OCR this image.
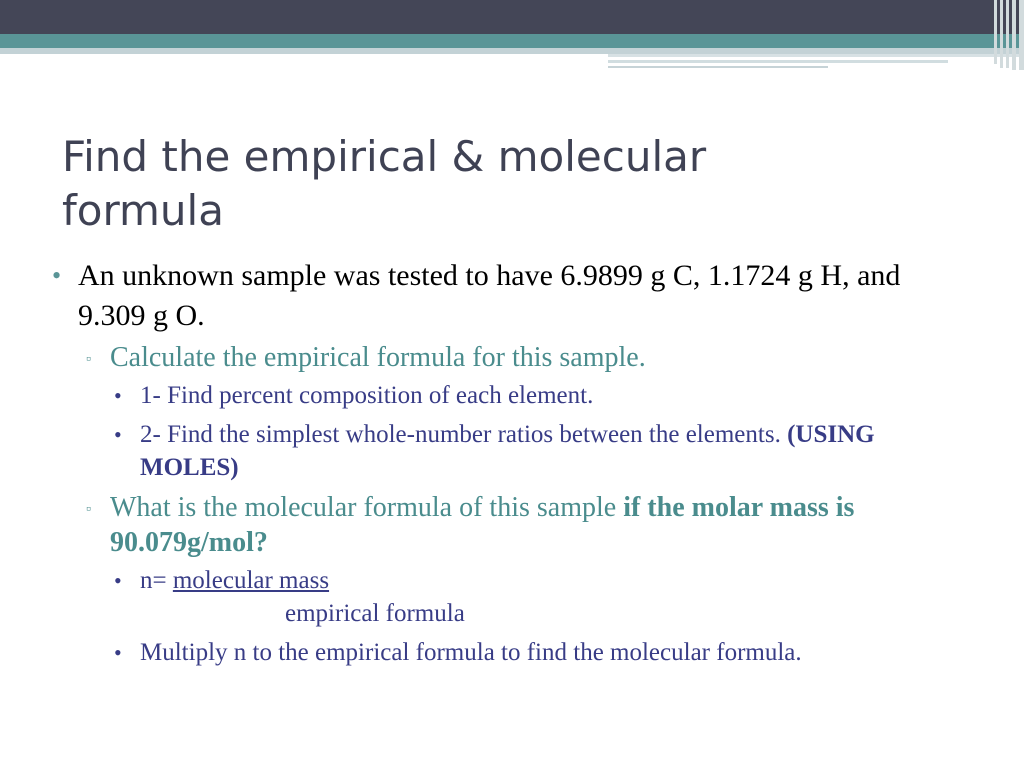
Find the empirical & molecular
formula
• An unknown sample was tested to have 6.9899 g C, 1.1724 g H, and 9.309 g O.
▫ Calculate the empirical formula for this sample.
• 1- Find percent composition of each element.
• 2- Find the simplest whole-number ratios between the elements. (USING MOLES)
▫ What is the molecular formula of this sample if the molar mass is 90.079g/mol?
• n= molecular mass
empirical formula
• Multiply n to the empirical formula to find the molecular formula.
